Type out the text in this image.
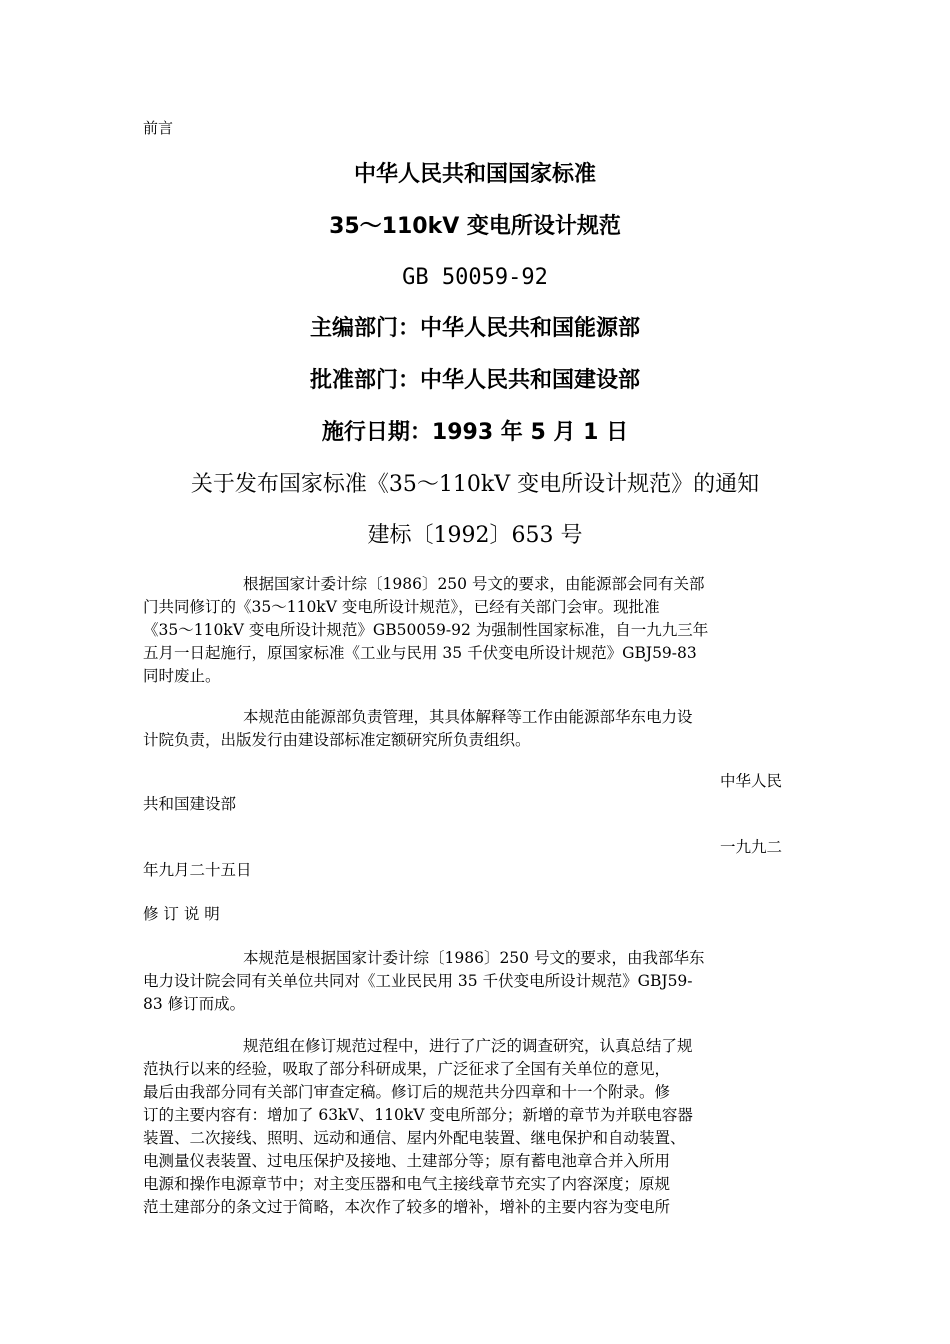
前言
中华人民共和国国家标准
35～110kV 变电所设计规范
GB 50059-92
主编部门：中华人民共和国能源部
批准部门：中华人民共和国建设部
施行日期：1993 年 5 月 1 日
关于发布国家标准《35～110kV 变电所设计规范》的通知
建标〔1992〕653 号
根据国家计委计综〔1986〕250 号文的要求，由能源部会同有关部
门共同修订的《35～110kV 变电所设计规范》，已经有关部门会审。现批准
《35～110kV 变电所设计规范》GB50059-92 为强制性国家标准，自一九九三年
五月一日起施行，原国家标准《工业与民用 35 千伏变电所设计规范》GBJ59-83
同时废止。
本规范由能源部负责管理，其具体解释等工作由能源部华东电力设
计院负责，出版发行由建设部标准定额研究所负责组织。
中华人民
共和国建设部
一九九二
年九月二十五日
修 订 说 明
本规范是根据国家计委计综〔1986〕250 号文的要求，由我部华东
电力设计院会同有关单位共同对《工业民民用 35 千伏变电所设计规范》GBJ59-
83 修订而成。
规范组在修订规范过程中，进行了广泛的调查研究，认真总结了规
范执行以来的经验，吸取了部分科研成果，广泛征求了全国有关单位的意见，
最后由我部分同有关部门审查定稿。修订后的规范共分四章和十一个附录。修
订的主要内容有：增加了 63kV、110kV 变电所部分；新增的章节为并联电容器
装置、二次接线、照明、远动和通信、屋内外配电装置、继电保护和自动装置、
电测量仪表装置、过电压保护及接地、土建部分等；原有蓄电池章合并入所用
电源和操作电源章节中；对主变压器和电气主接线章节充实了内容深度；原规
范土建部分的条文过于简略，本次作了较多的增补，增补的主要内容为变电所
